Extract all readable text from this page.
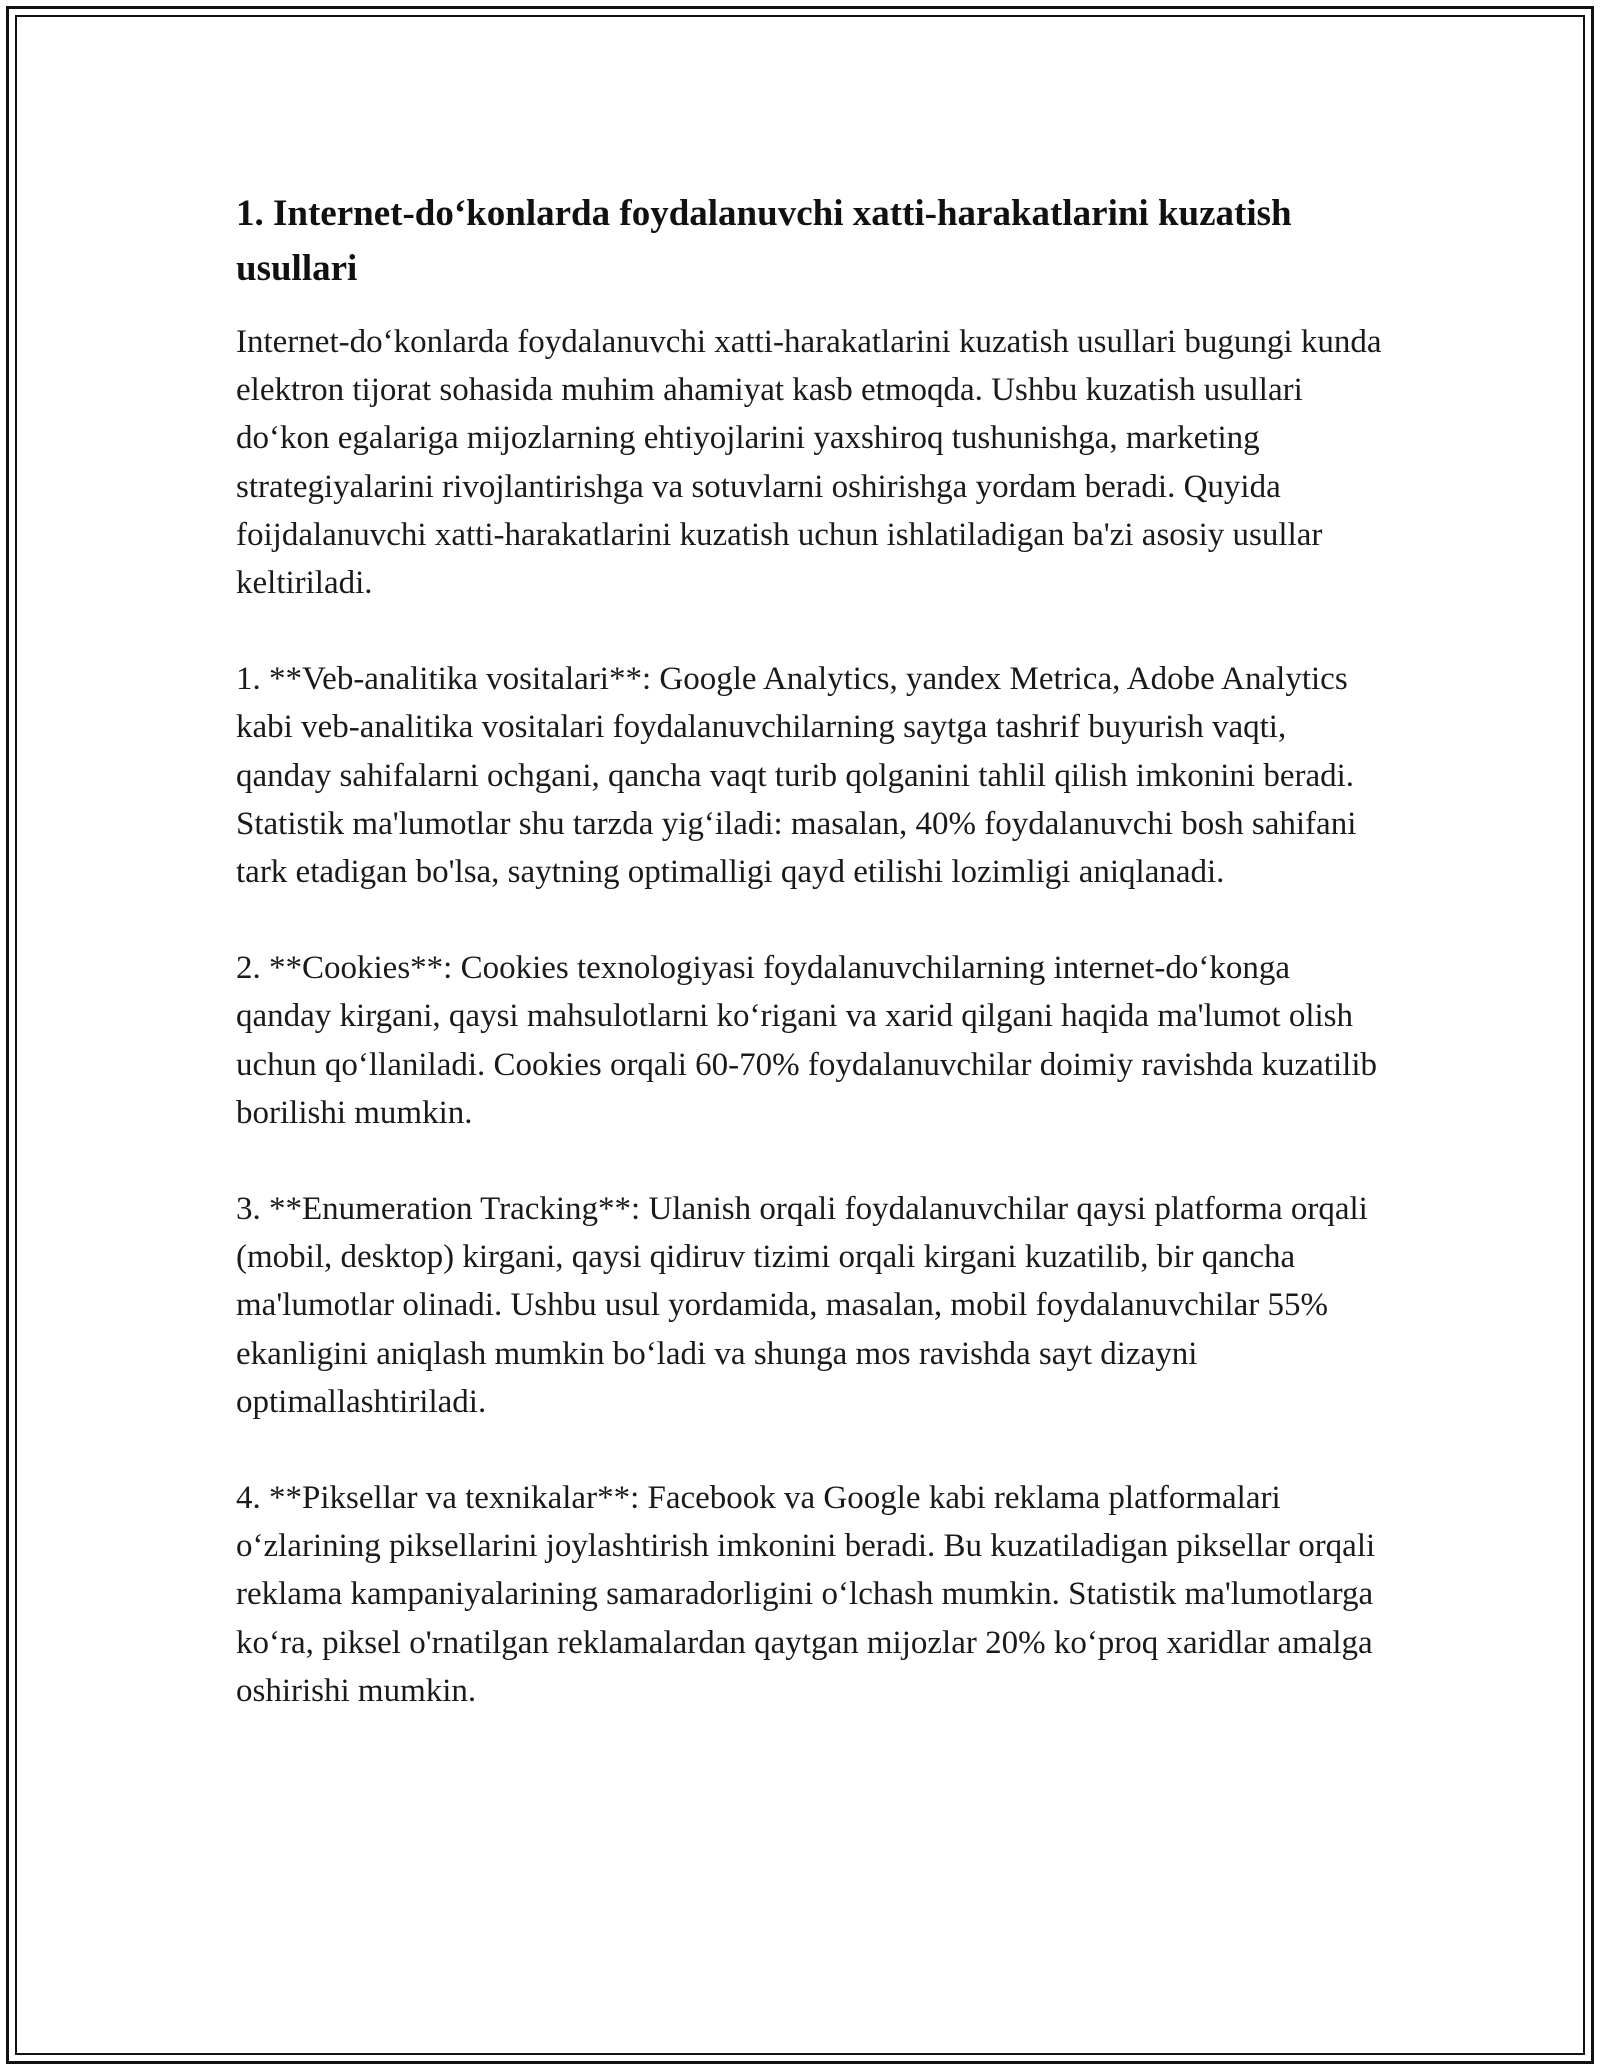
1. Internet-do‘konlarda foydalanuvchi xatti-harakatlarini kuzatish usullari

Internet-do‘konlarda foydalanuvchi xatti-harakatlarini kuzatish usullari bugungi kunda elektron tijorat sohasida muhim ahamiyat kasb etmoqda. Ushbu kuzatish usullari do‘kon egalariga mijozlarning ehtiyojlarini yaxshiroq tushunishga, marketing strategiyalarini rivojlantirishga va sotuvlarni oshirishga yordam beradi. Quyida foijdalanuvchi xatti-harakatlarini kuzatish uchun ishlatiladigan ba'zi asosiy usullar keltiriladi.

1. **Veb-analitika vositalari**: Google Analytics, yandex Metrica, Adobe Analytics kabi veb-analitika vositalari foydalanuvchilarning saytga tashrif buyurish vaqti, qanday sahifalarni ochgani, qancha vaqt turib qolganini tahlil qilish imkonini beradi. Statistik ma'lumotlar shu tarzda yig‘iladi: masalan, 40% foydalanuvchi bosh sahifani tark etadigan bo'lsa, saytning optimalligi qayd etilishi lozimligi aniqlanadi.

2. **Cookies**: Cookies texnologiyasi foydalanuvchilarning internet-do‘konga qanday kirgani, qaysi mahsulotlarni ko‘rigani va xarid qilgani haqida ma'lumot olish uchun qo‘llaniladi. Cookies orqali 60-70% foydalanuvchilar doimiy ravishda kuzatilib borilishi mumkin.

3. **Enumeration Tracking**: Ulanish orqali foydalanuvchilar qaysi platforma orqali (mobil, desktop) kirgani, qaysi qidiruv tizimi orqali kirgani kuzatilib, bir qancha ma'lumotlar olinadi. Ushbu usul yordamida, masalan, mobil foydalanuvchilar 55% ekanligini aniqlash mumkin bo‘ladi va shunga mos ravishda sayt dizayni optimallashtiriladi.

4. **Piksellar va texnikalar**: Facebook va Google kabi reklama platformalari o‘zlarining piksellarini joylashtirish imkonini beradi. Bu kuzatiladigan piksellar orqali reklama kampaniyalarining samaradorligini o‘lchash mumkin. Statistik ma'lumotlarga ko‘ra, piksel o'rnatilgan reklamalardan qaytgan mijozlar 20% ko‘proq xaridlar amalga oshirishi mumkin.
